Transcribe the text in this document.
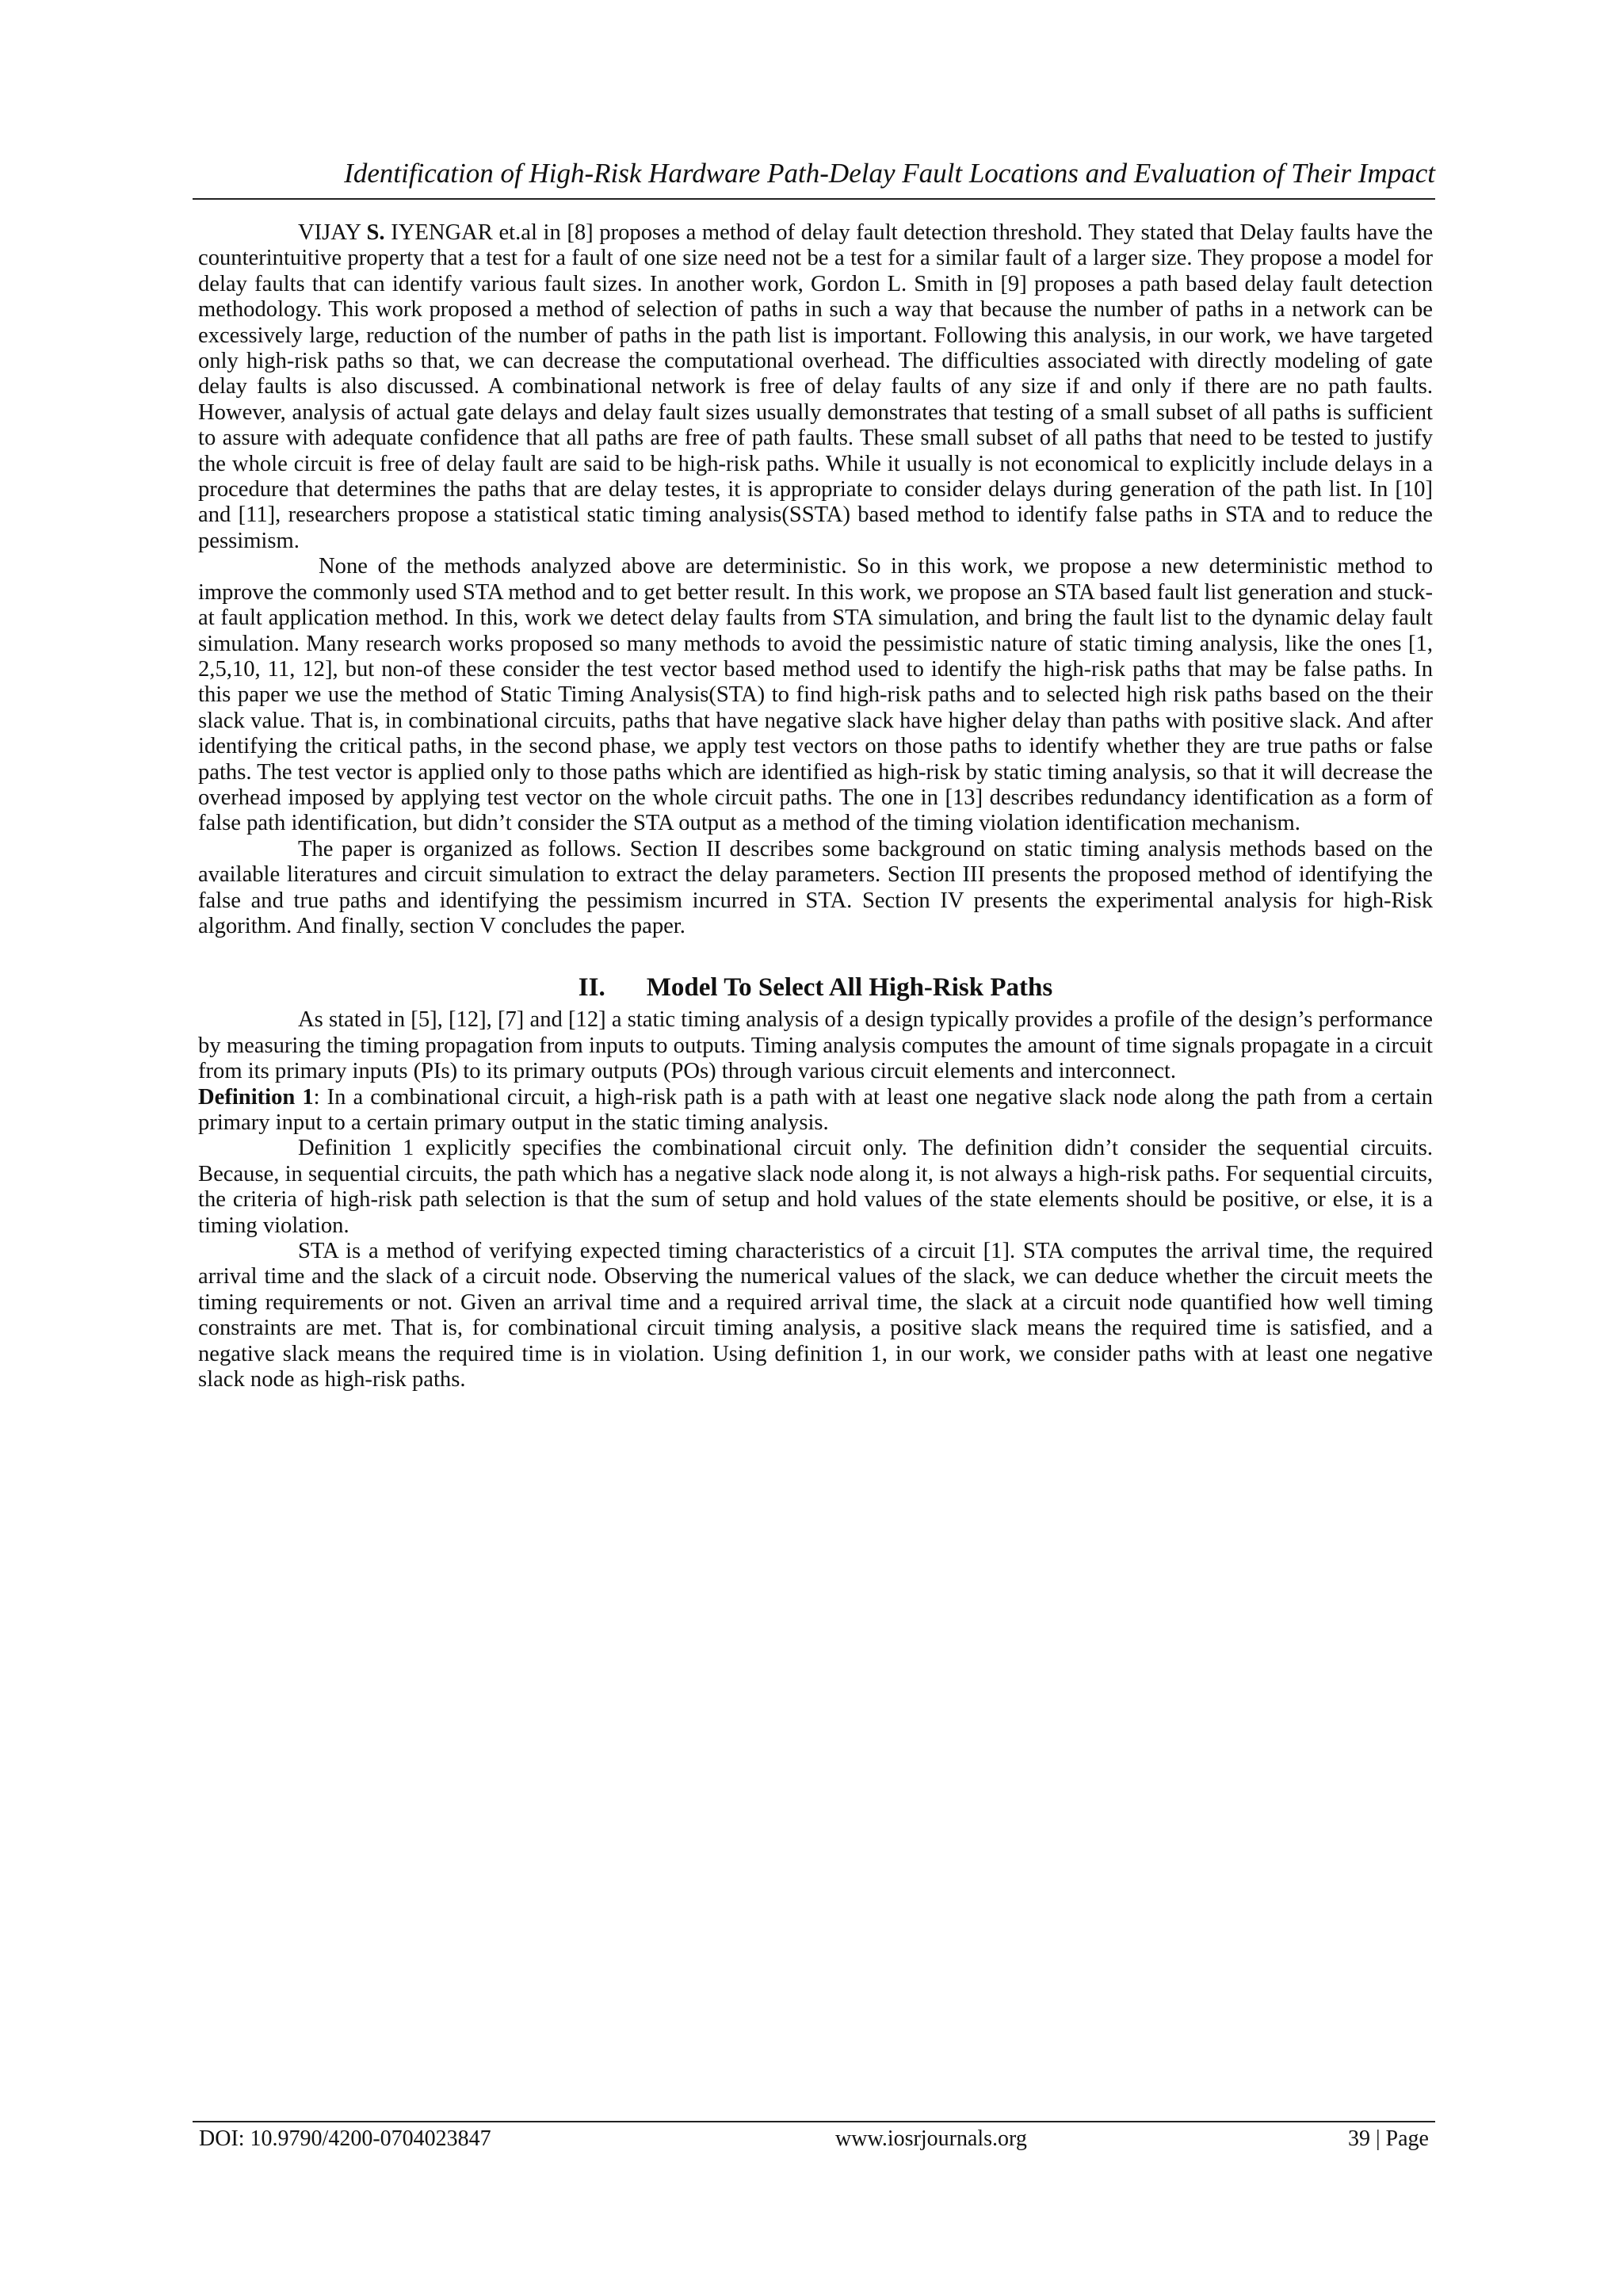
Identification of High-Risk Hardware Path-Delay Fault Locations and Evaluation of Their Impact

VIJAY S. IYENGAR et.al in [8] proposes a method of delay fault detection threshold. They stated that Delay faults have the counterintuitive property that a test for a fault of one size need not be a test for a similar fault of a larger size. They propose a model for delay faults that can identify various fault sizes. In another work, Gordon L. Smith in [9] proposes a path based delay fault detection methodology. This work proposed a method of selection of paths in such a way that because the number of paths in a network can be excessively large, reduction of the number of paths in the path list is important. Following this analysis, in our work, we have targeted only high-risk paths so that, we can decrease the computational overhead. The difficulties associated with directly modeling of gate delay faults is also discussed. A combinational network is free of delay faults of any size if and only if there are no path faults. However, analysis of actual gate delays and delay fault sizes usually demonstrates that testing of a small subset of all paths is sufficient to assure with adequate confidence that all paths are free of path faults. These small subset of all paths that need to be tested to justify the whole circuit is free of delay fault are said to be high-risk paths. While it usually is not economical to explicitly include delays in a procedure that determines the paths that are delay testes, it is appropriate to consider delays during generation of the path list. In [10] and [11], researchers propose a statistical static timing analysis(SSTA) based method to identify false paths in STA and to reduce the pessimism.

None of the methods analyzed above are deterministic. So in this work, we propose a new deterministic method to improve the commonly used STA method and to get better result. In this work, we propose an STA based fault list generation and stuck-at fault application method. In this, work we detect delay faults from STA simulation, and bring the fault list to the dynamic delay fault simulation. Many research works proposed so many methods to avoid the pessimistic nature of static timing analysis, like the ones [1, 2,5,10, 11, 12], but non-of these consider the test vector based method used to identify the high-risk paths that may be false paths. In this paper we use the method of Static Timing Analysis(STA) to find high-risk paths and to selected high risk paths based on the their slack value. That is, in combinational circuits, paths that have negative slack have higher delay than paths with positive slack. And after identifying the critical paths, in the second phase, we apply test vectors on those paths to identify whether they are true paths or false paths. The test vector is applied only to those paths which are identified as high-risk by static timing analysis, so that it will decrease the overhead imposed by applying test vector on the whole circuit paths. The one in [13] describes redundancy identification as a form of false path identification, but didn’t consider the STA output as a method of the timing violation identification mechanism.

The paper is organized as follows. Section II describes some background on static timing analysis methods based on the available literatures and circuit simulation to extract the delay parameters. Section III presents the proposed method of identifying the false and true paths and identifying the pessimism incurred in STA. Section IV presents the experimental analysis for high-Risk algorithm. And finally, section V concludes the paper.

II. Model To Select All High-Risk Paths

As stated in [5], [12], [7] and [12] a static timing analysis of a design typically provides a profile of the design’s performance by measuring the timing propagation from inputs to outputs. Timing analysis computes the amount of time signals propagate in a circuit from its primary inputs (PIs) to its primary outputs (POs) through various circuit elements and interconnect.

Definition 1: In a combinational circuit, a high-risk path is a path with at least one negative slack node along the path from a certain primary input to a certain primary output in the static timing analysis.

Definition 1 explicitly specifies the combinational circuit only. The definition didn’t consider the sequential circuits. Because, in sequential circuits, the path which has a negative slack node along it, is not always a high-risk paths. For sequential circuits, the criteria of high-risk path selection is that the sum of setup and hold values of the state elements should be positive, or else, it is a timing violation.

STA is a method of verifying expected timing characteristics of a circuit [1]. STA computes the arrival time, the required arrival time and the slack of a circuit node. Observing the numerical values of the slack, we can deduce whether the circuit meets the timing requirements or not. Given an arrival time and a required arrival time, the slack at a circuit node quantified how well timing constraints are met. That is, for combinational circuit timing analysis, a positive slack means the required time is satisfied, and a negative slack means the required time is in violation. Using definition 1, in our work, we consider paths with at least one negative slack node as high-risk paths.

DOI: 10.9790/4200-0704023847	www.iosrjournals.org	39 | Page
